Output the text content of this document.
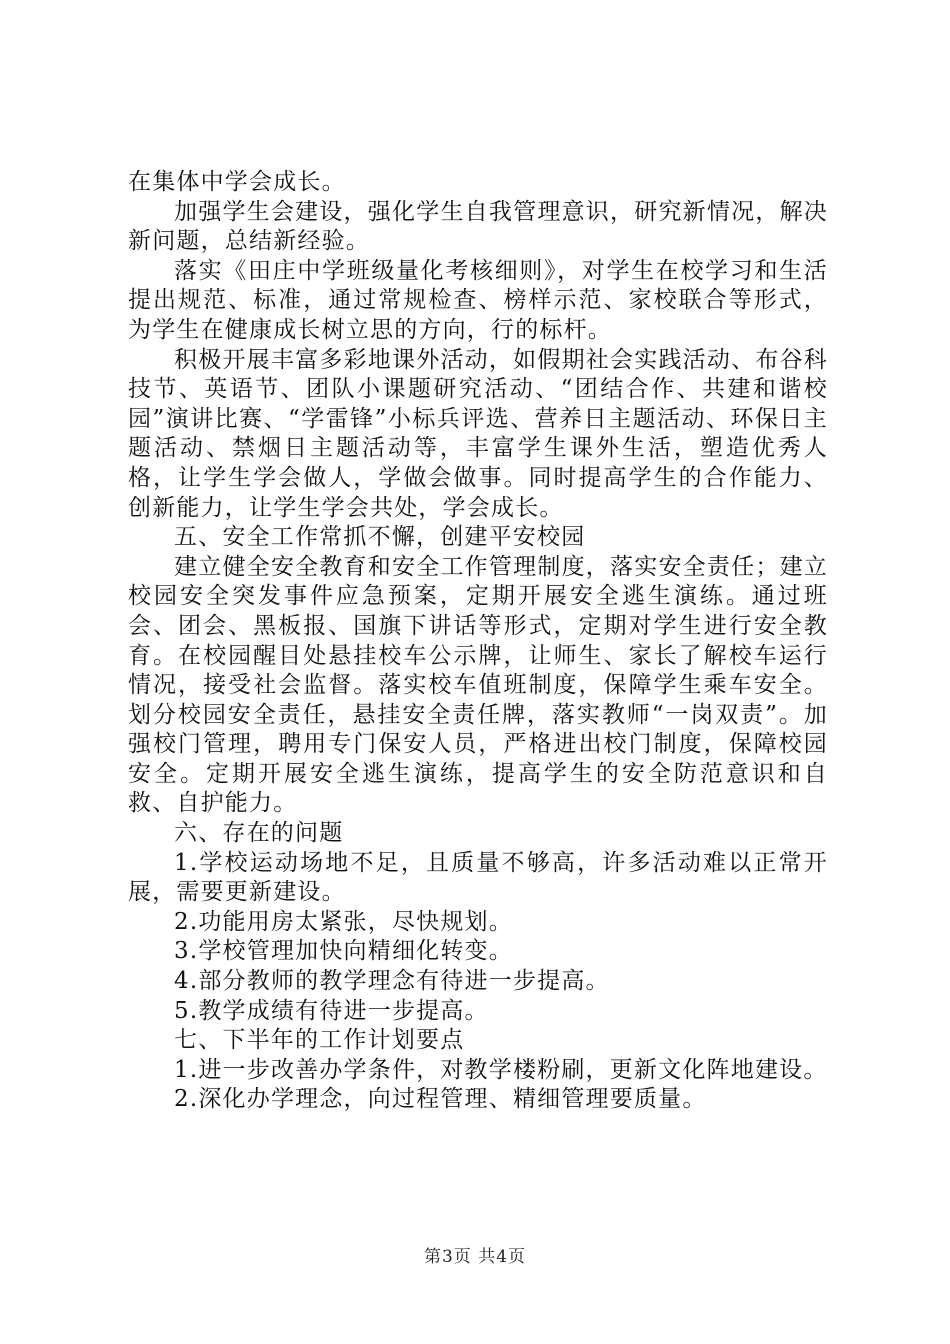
在集体中学会成长。

加强学生会建设，强化学生自我管理意识，研究新情况，解决新问题，总结新经验。

落实《田庄中学班级量化考核细则》，对学生在校学习和生活提出规范、标准，通过常规检查、榜样示范、家校联合等形式，为学生在健康成长树立思的方向，行的标杆。

积极开展丰富多彩地课外活动，如假期社会实践活动、布谷科技节、英语节、团队小课题研究活动、“团结合作、共建和谐校园”演讲比赛、“学雷锋”小标兵评选、营养日主题活动、环保日主题活动、禁烟日主题活动等，丰富学生课外生活，塑造优秀人格，让学生学会做人，学做会做事。同时提高学生的合作能力、创新能力，让学生学会共处，学会成长。

五、安全工作常抓不懈，创建平安校园

建立健全安全教育和安全工作管理制度，落实安全责任；建立校园安全突发事件应急预案，定期开展安全逃生演练。通过班会、团会、黑板报、国旗下讲话等形式，定期对学生进行安全教育。在校园醒目处悬挂校车公示牌，让师生、家长了解校车运行情况，接受社会监督。落实校车值班制度，保障学生乘车安全。划分校园安全责任，悬挂安全责任牌，落实教师“一岗双责”。加强校门管理，聘用专门保安人员，严格进出校门制度，保障校园安全。定期开展安全逃生演练，提高学生的安全防范意识和自救、自护能力。

六、存在的问题

1.学校运动场地不足，且质量不够高，许多活动难以正常开展，需要更新建设。

2.功能用房太紧张，尽快规划。

3.学校管理加快向精细化转变。

4.部分教师的教学理念有待进一步提高。

5.教学成绩有待进一步提高。

七、下半年的工作计划要点

1.进一步改善办学条件，对教学楼粉刷，更新文化阵地建设。

2.深化办学理念，向过程管理、精细管理要质量。

第3页 共4页
